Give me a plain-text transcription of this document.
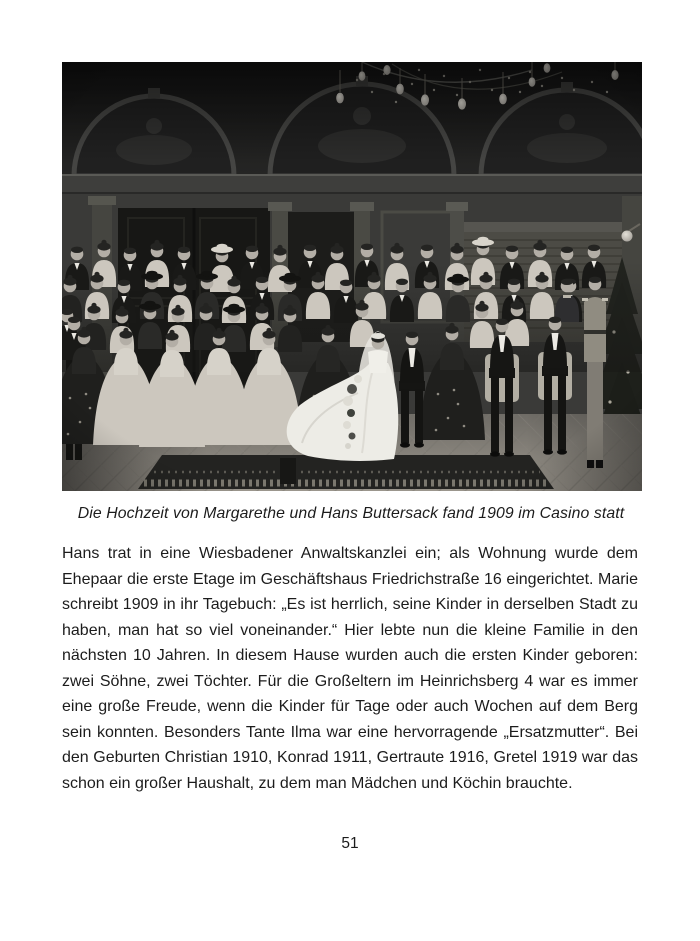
Die Hochzeit von Margarethe und Hans Buttersack fand 1909 im Casino statt

Hans trat in eine Wiesbadener Anwaltskanzlei ein; als Wohnung wurde dem Ehepaar die erste Etage im Geschäftshaus Friedrichstraße 16 eingerichtet. Marie schreibt 1909 in ihr Tagebuch: „Es ist herrlich, seine Kinder in derselben Stadt zu haben, man hat so viel voneinander.“ Hier lebte nun die kleine Familie in den nächsten 10 Jahren. In diesem Hause wurden auch die ersten Kinder geboren: zwei Söhne, zwei Töchter. Für die Großeltern im Heinrichsberg 4 war es immer eine große Freude, wenn die Kinder für Tage oder auch Wochen auf dem Berg sein konnten. Besonders Tante Ilma war eine hervorragende „Ersatzmutter“. Bei den Geburten Christian 1910, Konrad 1911, Gertraute 1916, Gretel 1919 war das schon ein großer Haushalt, zu dem man Mädchen und Köchin brauchte.

51
